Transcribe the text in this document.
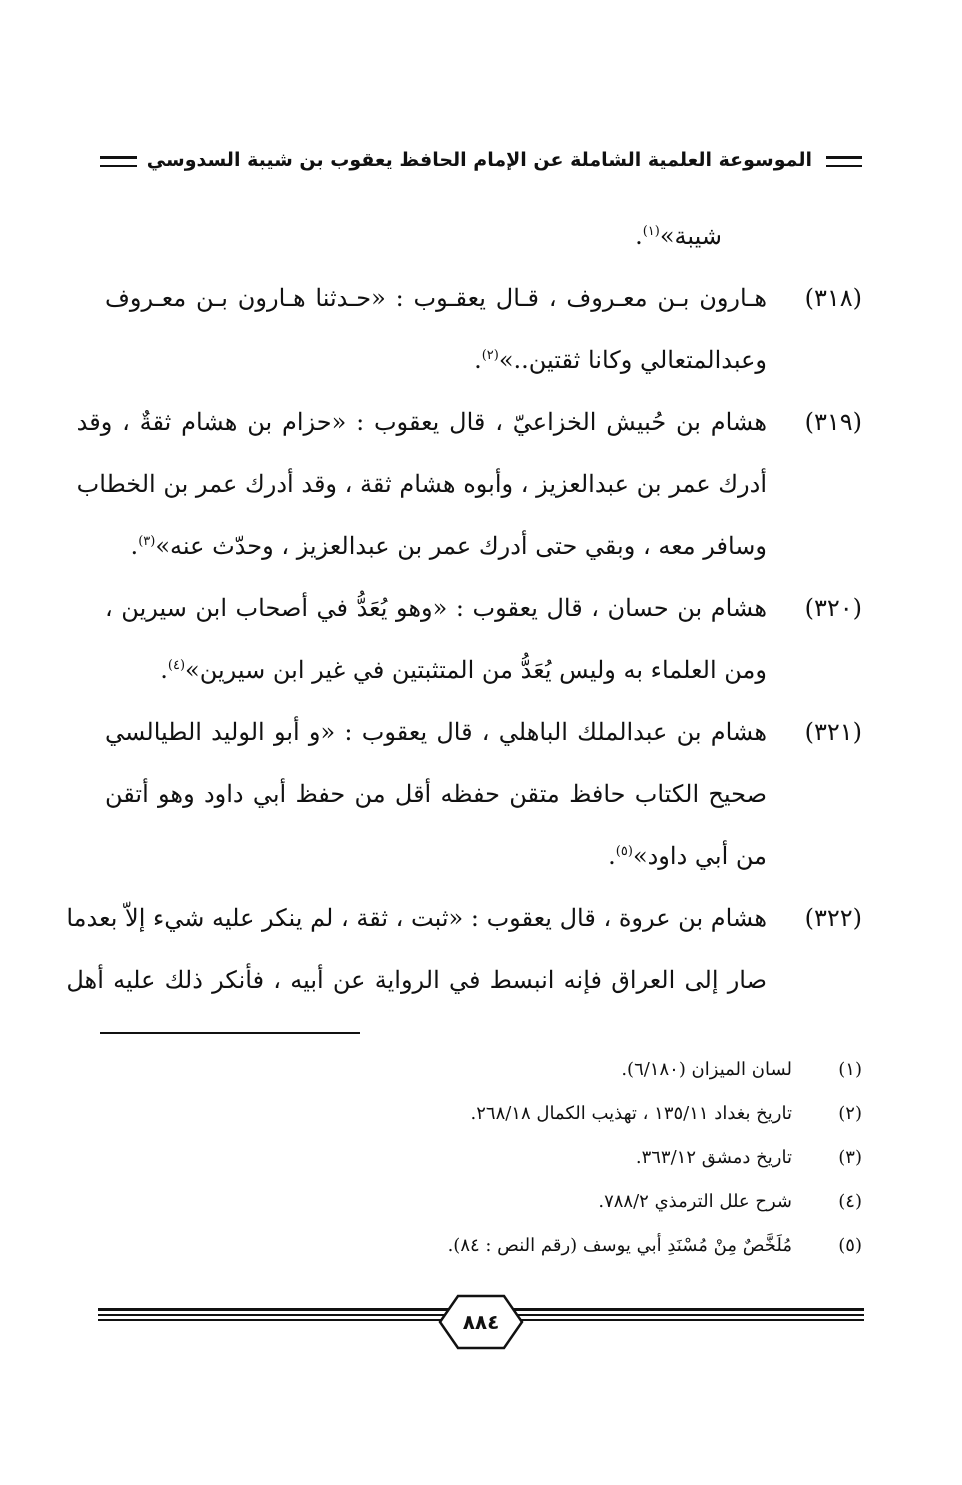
الموسوعة العلمية الشاملة عن الإمام الحافظ يعقوب بن شيبة السدوسي
شيبة»$^{(١)}$.
(٣١٨)
هـارون بـن معـروف ، قـال يعقـوب : «حـدثنا هـارون بـن معـروف
وعبدالمتعالي وكانا ثقتين..»$^{(٢)}$.
(٣١٩)
هشام بن حُبيش الخزاعيّ ، قال يعقوب : «حزام بن هشام ثقةٌ ، وقد
أدرك عمر بن عبدالعزيز ، وأبوه هشام ثقة ، وقد أدرك عمر بن الخطاب
وسافر معه ، وبقي حتى أدرك عمر بن عبدالعزيز ، وحدّث عنه»$^{(٣)}$.
(٣٢٠)
هشام بن حسان ، قال يعقوب : «وهو يُعَدُّ في أصحاب ابن سيرين ،
ومن العلماء به وليس يُعَدُّ من المتثبتين في غير ابن سيرين»$^{(٤)}$.
(٣٢١)
هشام بن عبدالملك الباهلي ، قال يعقوب : «و أبو الوليد الطيالسي
صحيح الكتاب حافظ متقن حفظه أقل من حفظ أبي داود وهو أتقن
من أبي داود»$^{(٥)}$.
(٣٢٢)
هشام بن عروة ، قال يعقوب : «ثبت ، ثقة ، لم ينكر عليه شيء إلاّ بعدما
صار إلى العراق فإنه انبسط في الرواية عن أبيه ، فأنكر ذلك عليه أهل
(١)
لسان الميزان (٦/١٨٠).
(٢)
تاريخ بغداد ١٣٥/١١ ، تهذيب الكمال ٢٦٨/١٨.
(٣)
تاريخ دمشق ٣٦٣/١٢.
(٤)
شرح علل الترمذي ٧٨٨/٢.
(٥)
مُلَخَّصٌ مِنْ مُسْنَدِ أبي يوسف (رقم النص : ٨٤).
٨٨٤
